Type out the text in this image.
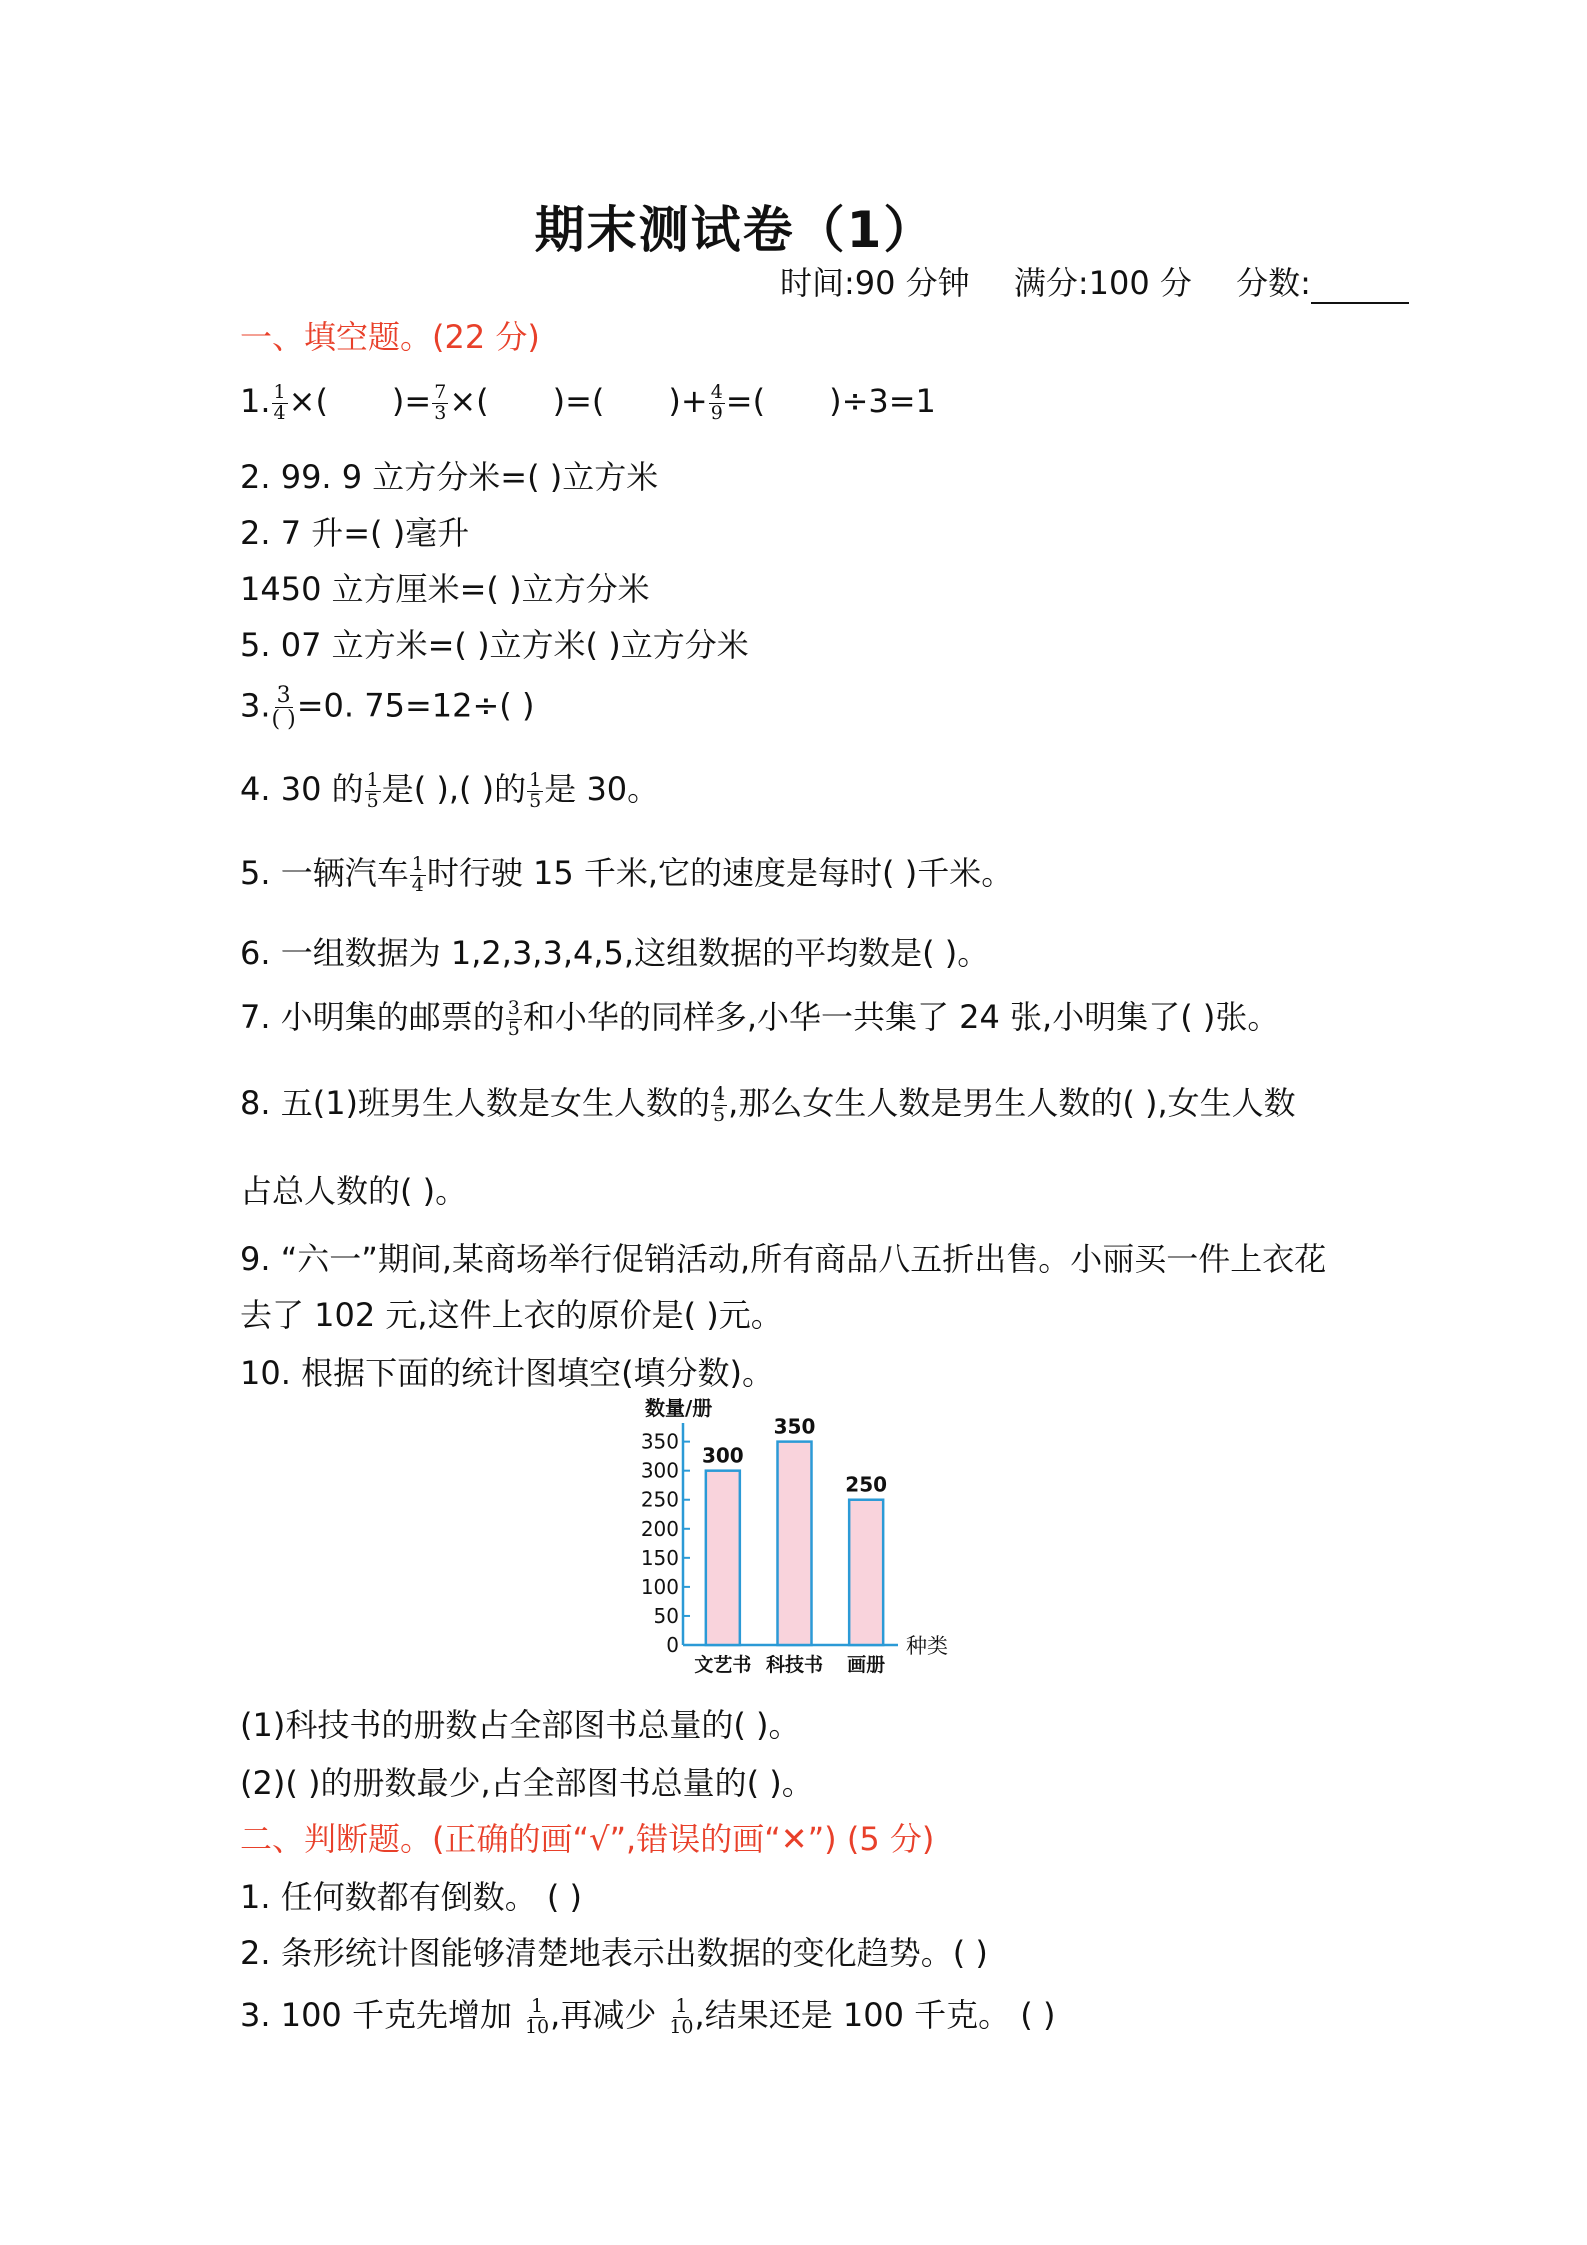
期末测试卷（1）
时间:90 分钟 满分:100 分 分数:
一、填空题。(22 分)
1. $\frac{1}{4}$ ×( )= $\frac{7}{3}$ ×( )=( )+ $\frac{4}{9}$ =( )÷3=1
2. 99. 9 立方分米=( )立方米
2. 7 升=( )毫升
1450 立方厘米=( )立方分米
5. 07 立方米=( )立方米( )立方分米
3. $\frac{3}{( )} =0$. 75=12÷( )
4. 30 的 $\frac{1}{5}$ 是( ),( )的 $\frac{1}{5}$ 是 30。
5. 一辆汽车 $\frac{1}{4}$ 时行驶 15 千米,它的速度是每时( )千米。
6. 一组数据为 1,2,3,3,4,5,这组数据的平均数是( )。
7. 小明集的邮票的 $\frac{3}{5}$ 和小华的同样多,小华一共集了 24 张,小明集了( )张。
8. 五(1)班男生人数是女生人数的 $\frac{4}{5}$ ,那么女生人数是男生人数的( ),女生人数
占总人数的( )。
9. “六一”期间,某商场举行促销活动,所有商品八五折出售。小丽买一件上衣花
去了 102 元,这件上衣的原价是( )元。
10. 根据下面的统计图填空(填分数)。
数量/册
0
50
100
150
200
250
300
350
300
文艺书
350
科技书
250
画册
种类
(1)科技书的册数占全部图书总量的( )。
(2)( )的册数最少,占全部图书总量的( )。
二、判断题。(正确的画“√”,错误的画“✕”) (5 分)
1. 任何数都有倒数。 ( )
2. 条形统计图能够清楚地表示出数据的变化趋势。( )
3. 100 千克先增加 $\frac{1}{10}$ ,再减少 $\frac{1}{10}$ ,结果还是 100 千克。 ( )
